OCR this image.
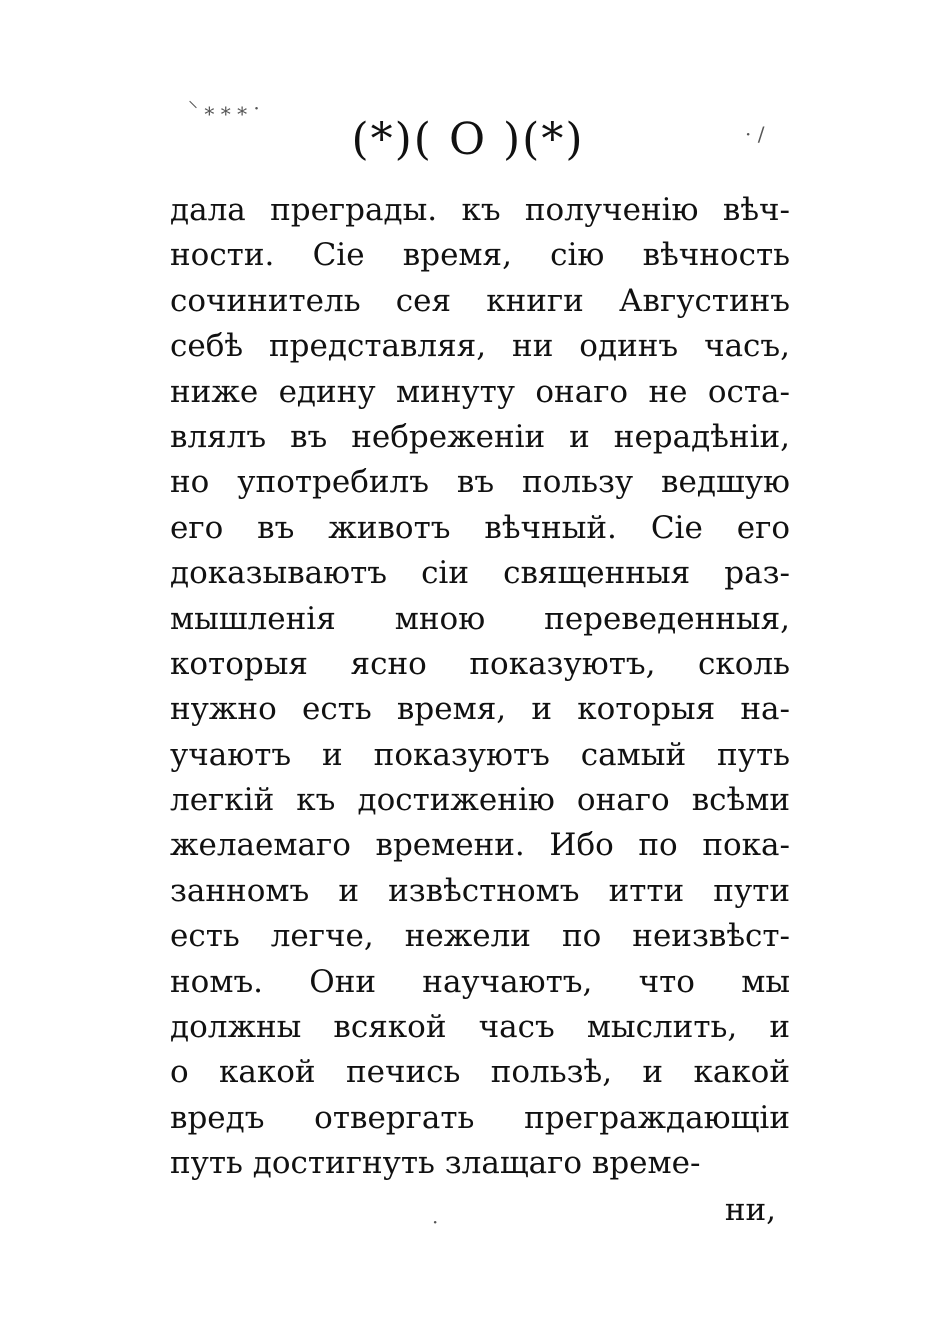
⸌ ⁎ ⁎ ⁎ ·
· /
(*)( О )(*)
дала преграды. къ полученію вѣч-
ности. Сіе время, сію вѣчность
сочинитель сея книги Августинъ
себѣ представляя, ни одинъ часъ,
ниже едину минуту онаго не оста-
влялъ въ небреженіи и нерадѣніи,
но употребилъ въ пользу ведшую
его въ животъ вѣчный. Сіе его
доказываютъ сіи священныя раз-
мышленія мною переведенныя,
которыя ясно показуютъ, сколь
нужно есть время, и которыя на-
учаютъ и показуютъ самый путь
легкій къ достиженію онаго всѣми
желаемаго времени. Ибо по пока-
занномъ и извѣстномъ итти пути
есть легче, нежели по неизвѣст-
номъ. Они научаютъ, что мы
должны всякой часъ мыслить, и
о какой печись пользѣ, и какой
вредъ отвергать преграждающіи
путь достигнуть злащаго време-
·	ни,
